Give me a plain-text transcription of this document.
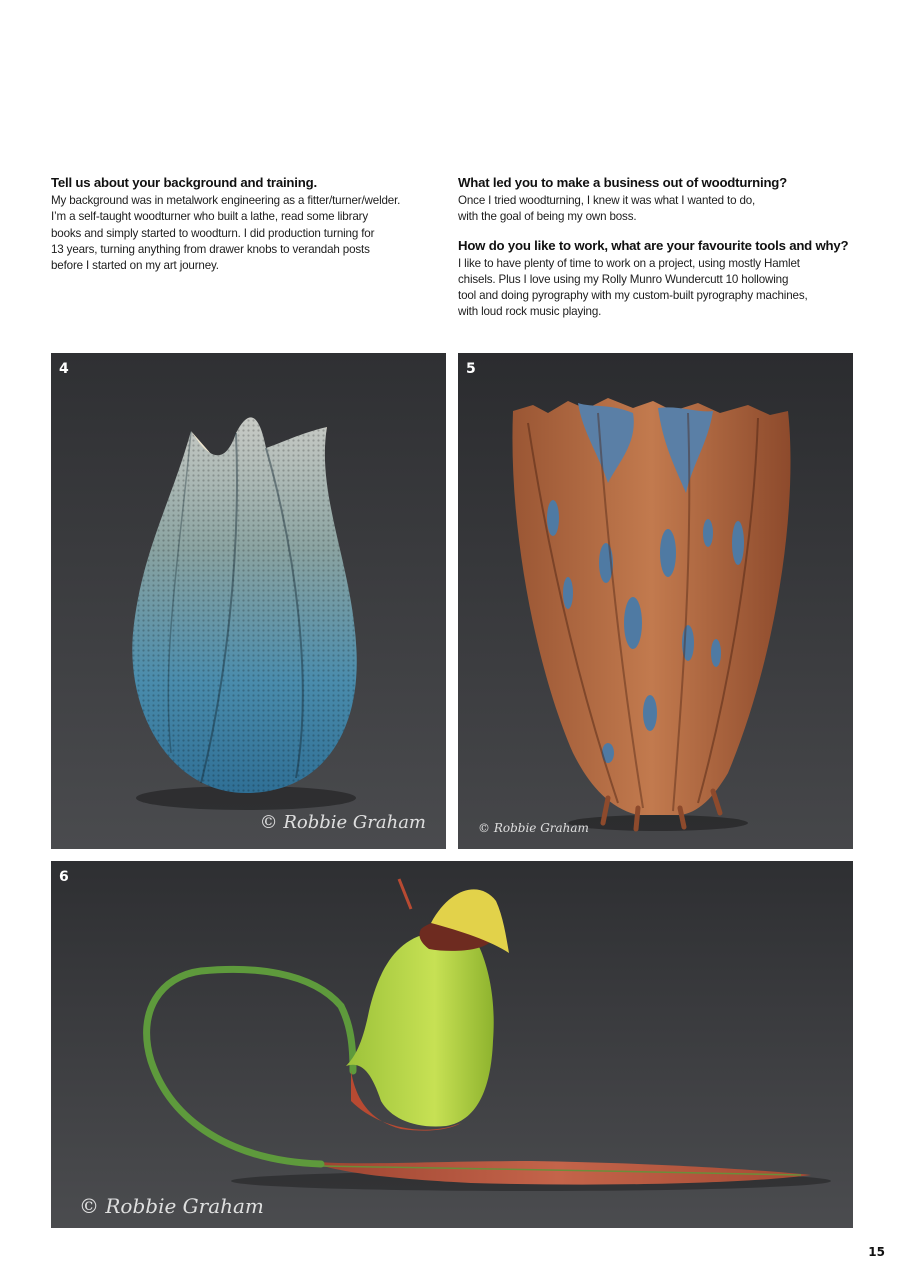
Tell us about your background and training.

My background was in metalwork engineering as a fitter/turner/welder.
I’m a self-taught woodturner who built a lathe, read some library
books and simply started to woodturn. I did production turning for
13 years, turning anything from drawer knobs to verandah posts
before I started on my art journey.

What led you to make a business out of woodturning?

Once I tried woodturning, I knew it was what I wanted to do,
with the goal of being my own boss.

How do you like to work, what are your favourite tools and why?

I like to have plenty of time to work on a project, using mostly Hamlet
chisels. Plus I love using my Rolly Munro Wundercutt 10 hollowing
tool and doing pyrography with my custom-built pyrography machines,
with loud rock music playing.

4
© Robbie Graham
5
© Robbie Graham
6
© Robbie Graham
15
